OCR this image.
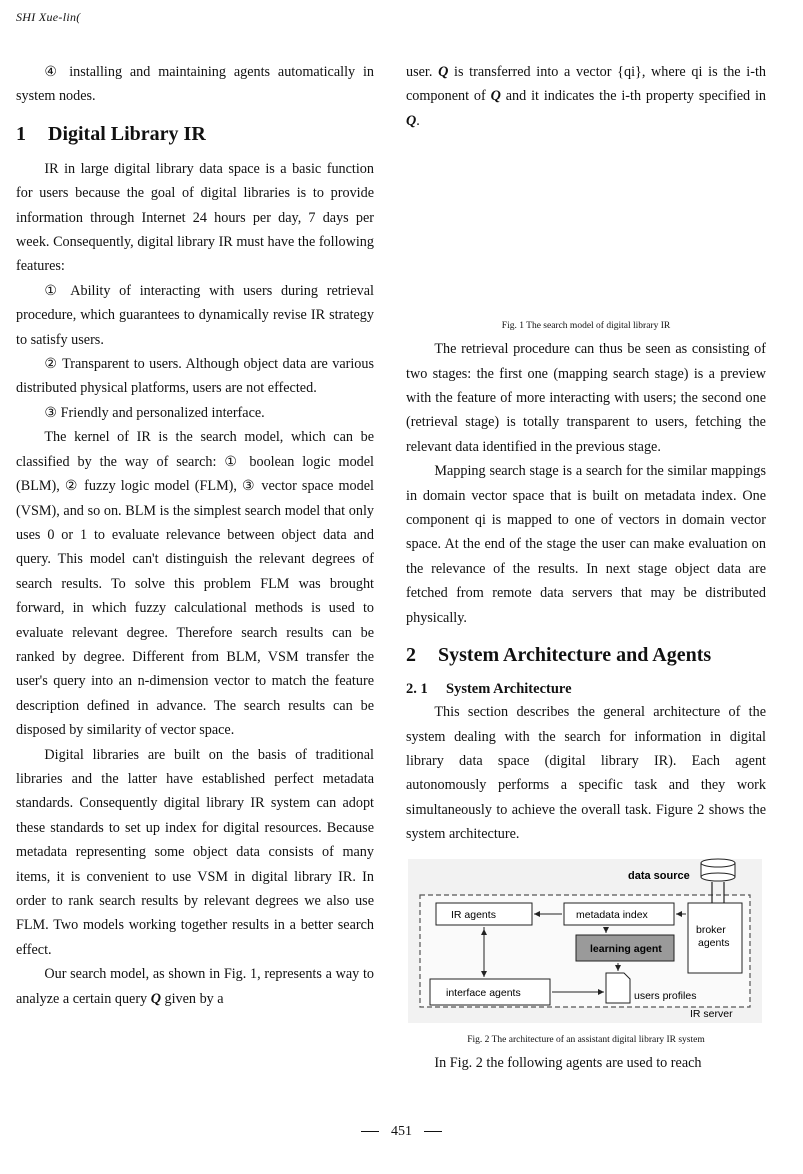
SHI Xue-lin(

④ installing and maintaining agents automatically in system nodes.

1 Digital Library IR

IR in large digital library data space is a basic function for users because the goal of digital libraries is to provide information through Internet 24 hours per day, 7 days per week. Consequently, digital library IR must have the following features:

① Ability of interacting with users during retrieval procedure, which guarantees to dynamically revise IR strategy to satisfy users.

② Transparent to users. Although object data are various distributed physical platforms, users are not effected.

③ Friendly and personalized interface.

The kernel of IR is the search model, which can be classified by the way of search: ① boolean logic model (BLM), ② fuzzy logic model (FLM), ③ vector space model (VSM), and so on. BLM is the simplest search model that only uses 0 or 1 to evaluate relevance between object data and query. This model can't distinguish the relevant degrees of search results. To solve this problem FLM was brought forward, in which fuzzy calculational methods is used to evaluate relevant degree. Therefore search results can be ranked by degree. Different from BLM, VSM transfer the user's query into an n-dimension vector to match the feature description defined in advance. The search results can be disposed by similarity of vector space.

Digital libraries are built on the basis of traditional libraries and the latter have established perfect metadata standards. Consequently digital library IR system can adopt these standards to set up index for digital resources. Because metadata representing some object data consists of many items, it is convenient to use VSM in digital library IR. In order to rank search results by relevant degrees we also use FLM. Two models working together results in a better search effect.

Our search model, as shown in Fig. 1, represents a way to analyze a certain query Q given by a

user. Q is transferred into a vector {qi}, where qi is the i-th component of Q and it indicates the i-th property specified in Q.

Fig. 1 The search model of digital library IR

The retrieval procedure can thus be seen as consisting of two stages: the first one (mapping search stage) is a preview with the feature of more interacting with users; the second one (retrieval stage) is totally transparent to users, fetching the relevant data identified in the previous stage.

Mapping search stage is a search for the similar mappings in domain vector space that is built on metadata index. One component qi is mapped to one of vectors in domain vector space. At the end of the stage the user can make evaluation on the relevance of the results. In next stage object data are fetched from remote data servers that may be distributed physically.

2 System Architecture and Agents
2. 1 System Architecture

This section describes the general architecture of the system dealing with the search for information in digital library data space (digital library IR). Each agent autonomously performs a specific task and they work simultaneously to achieve the overall task. Figure 2 shows the system architecture.

data source
IR agents	metadata index
broker
agents
learning agent
interface agents	users profiles
IR server
Fig. 2 The architecture of an assistant digital library IR system

In Fig. 2 the following agents are used to reach

451
